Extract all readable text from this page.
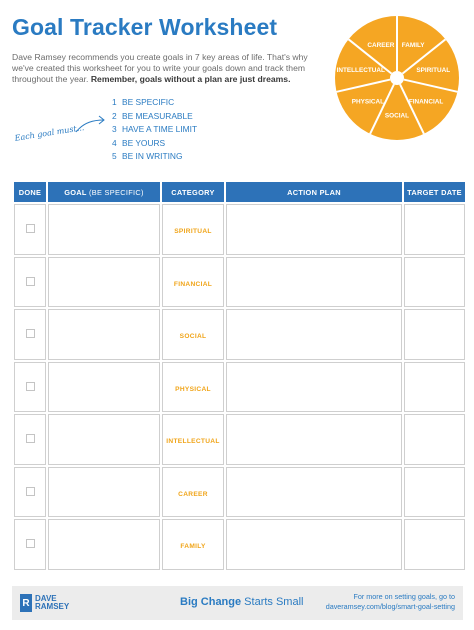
Goal Tracker Worksheet

Dave Ramsey recommends you create goals in 7 key areas of life. That's why we've created this worksheet for you to write your goals down and track them throughout the year. Remember, goals without a plan are just dreams.

Each goal must...
1 BE SPECIFIC
2 BE MEASURABLE
3 HAVE A TIME LIMIT
4 BE YOURS
5 BE IN WRITING
CAREER FAMILY
SPIRITUAL
FINANCIAL
SOCIAL
PHYSICAL
INTELLECTUAL
DONE	GOAL (BE SPECIFIC)	CATEGORY	ACTION PLAN	TARGET DATE
		SPIRITUAL		
		FINANCIAL		
		SOCIAL		
		PHYSICAL		
		INTELLECTUAL		
		CAREER		
		FAMILY		
R DAVE
RAMSEY	Big Change Starts Small	For more on setting goals, go to
daveramsey.com/blog/smart-goal-setting
